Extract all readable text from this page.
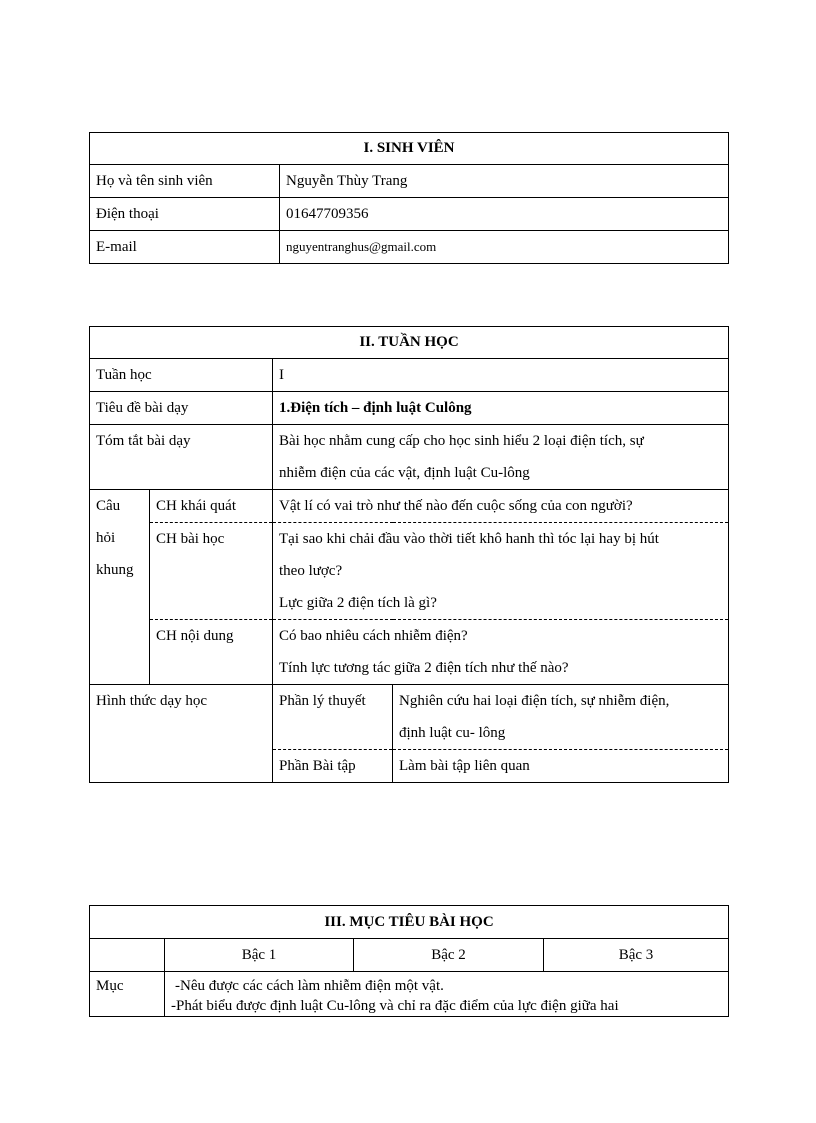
I. SINH VIÊN	
Họ và tên sinh viên	Nguyễn Thùy Trang
Điện thoại	01647709356
E-mail	nguyentranghus@gmail.com
II. TUẦN HỌC			
Tuần học		I	
Tiêu đề bài dạy		1.Điện tích – định luật Culông	
Tóm tắt bài dạy		Bài học nhằm cung cấp cho học sinh hiểu 2 loại điện tích, sự
nhiễm điện của các vật, định luật Cu-lông	

Câu
hỏi
khung	CH khái quát	Vật lí có vai trò như thế nào đến cuộc sống của con người?	
	CH bài học	Tại sao khi chải đầu vào thời tiết khô hanh thì tóc lại hay bị hút
theo lược?
Lực giữa 2 điện tích là gì?	

	CH nội dung	Có bao nhiêu cách nhiễm điện?
Tính lực tương tác giữa 2 điện tích như thế nào?	

Hình thức dạy học		Phần lý thuyết	Nghiên cứu hai loại điện tích, sự nhiễm điện,
định luật cu- lông

		Phần Bài tập	Làm bài tập liên quan
III. MỤC TIÊU BÀI HỌC			
	Bậc 1	Bậc 2	Bậc 3
Mục	-Nêu được các cách làm nhiễm điện một vật.
-Phát biểu được định luật Cu-lông và chỉ ra đặc điểm của lực điện giữa hai		
